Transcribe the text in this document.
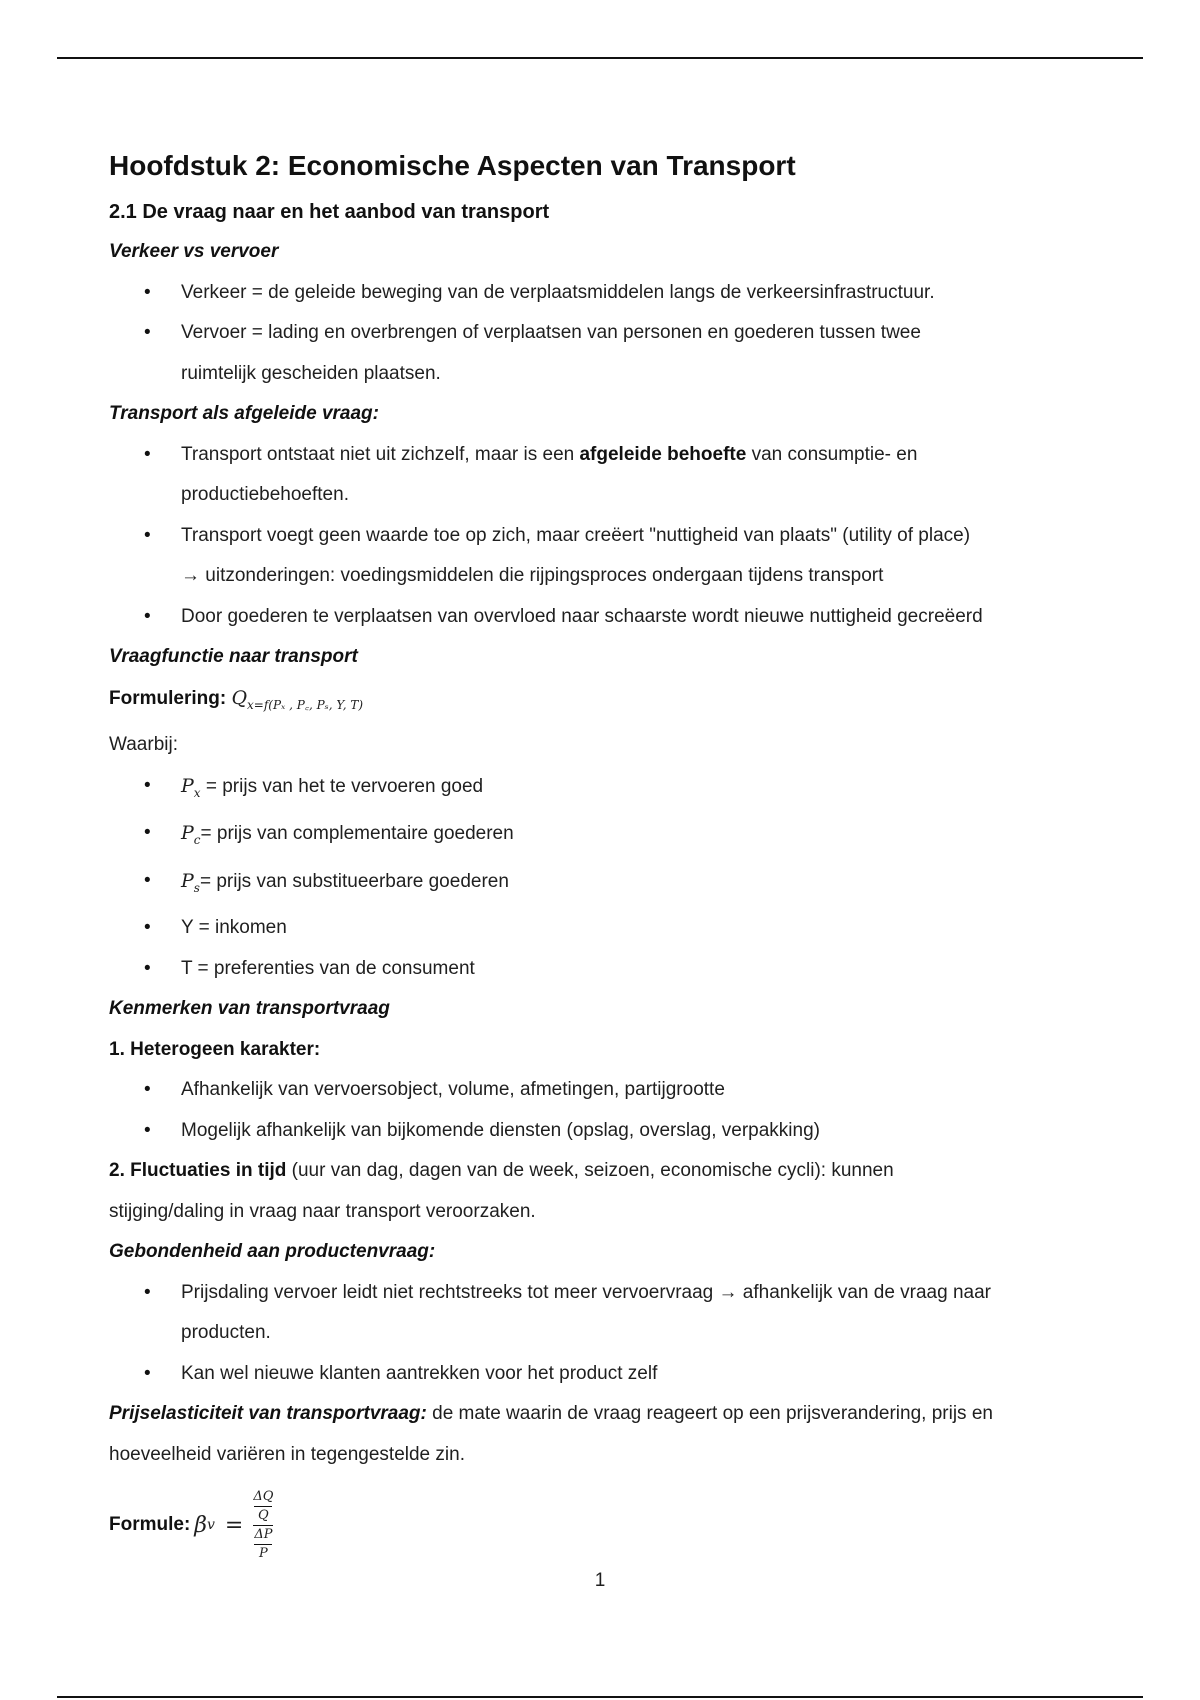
Hoofdstuk 2: Economische Aspecten van Transport
2.1 De vraag naar en het aanbod van transport

Verkeer vs vervoer

• Verkeer = de geleide beweging van de verplaatsmiddelen langs de verkeersinfrastructuur.
• Vervoer = lading en overbrengen of verplaatsen van personen en goederen tussen twee
ruimtelijk gescheiden plaatsen.

Transport als afgeleide vraag:

• Transport ontstaat niet uit zichzelf, maar is een afgeleide behoefte van consumptie- en
productiebehoeften.
• Transport voegt geen waarde toe op zich, maar creëert "nuttigheid van plaats" (utility of place)
→ uitzonderingen: voedingsmiddelen die rijpingsproces ondergaan tijdens transport
• Door goederen te verplaatsen van overvloed naar schaarste wordt nieuwe nuttigheid gecreëerd

Vraagfunctie naar transport

Formulering: $Q_{x=f(P_x , P꜀, P_s, Y, T)}$

Waarbij:

• $P_x$ = prijs van het te vervoeren goed
• $P_c=$ prijs van complementaire goederen
• $P_s=$ prijs van substitueerbare goederen
• Y = inkomen
• T = preferenties van de consument

Kenmerken van transportvraag

1. Heterogeen karakter:

• Afhankelijk van vervoersobject, volume, afmetingen, partijgrootte
• Mogelijk afhankelijk van bijkomende diensten (opslag, overslag, verpakking)

2. Fluctuaties in tijd (uur van dag, dagen van de week, seizoen, economische cycli): kunnen
stijging/daling in vraag naar transport veroorzaken.

Gebondenheid aan productenvraag:

• Prijsdaling vervoer leidt niet rechtstreeks tot meer vervoervraag → afhankelijk van de vraag naar
producten.
• Kan wel nieuwe klanten aantrekken voor het product zelf

Prijselasticiteit van transportvraag: de mate waarin de vraag reageert op een prijsverandering, prijs en
hoeveelheid variëren in tegengestelde zin.

Formule: β v = ΔQ
Q
ΔP
P
1
